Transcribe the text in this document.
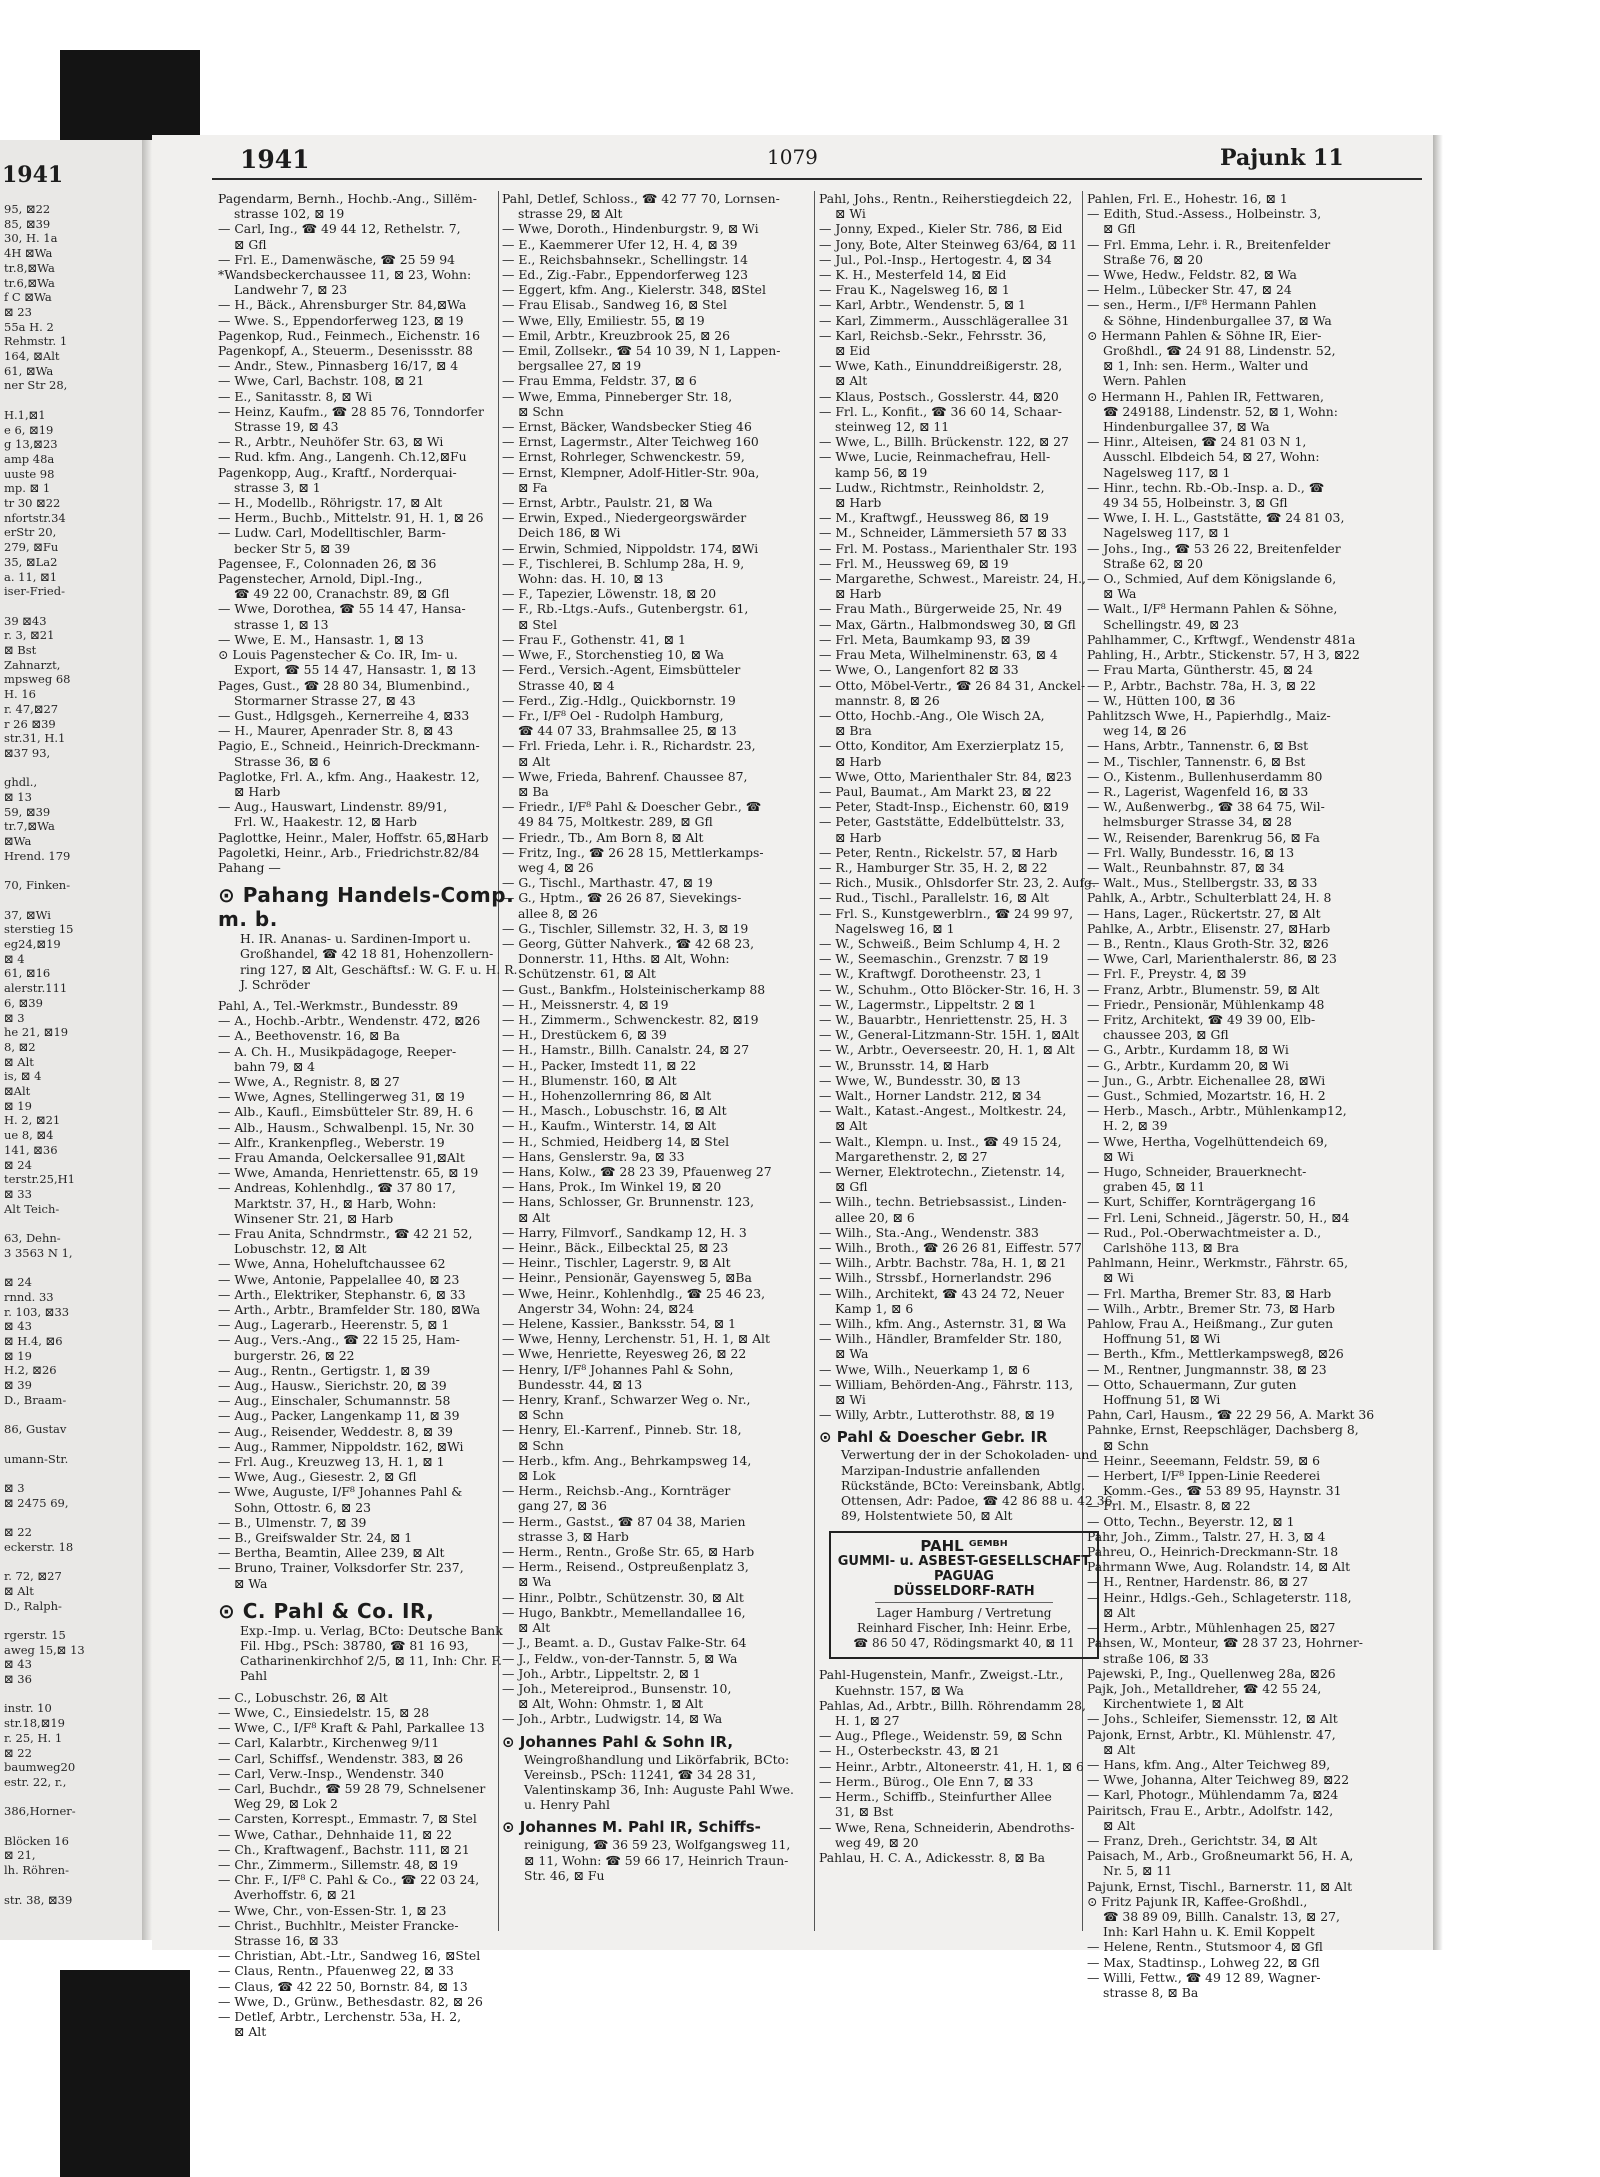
1941
95, ⊠22
85, ⊠39
30, H. 1a
4H ⊠Wa
tr.8,⊠Wa
tr.6,⊠Wa
f C ⊠Wa
⊠ 23
55a H. 2
Rehmstr. 1
164, ⊠Alt
61, ⊠Wa
ner Str 28,
H.1,⊠1
e 6, ⊠19
g 13,⊠23
amp 48a
uuste 98
mp. ⊠ 1
tr 30 ⊠22
nfortstr.34
erStr 20,
279, ⊠Fu
35, ⊠La2
a. 11, ⊠1
iser-Fried-
39 ⊠43
r. 3, ⊠21
⊠ Bst
Zahnarzt,
mpsweg 68
H. 16
r. 47,⊠27
r 26 ⊠39
str.31, H.1
⊠37 93,
ghdl.,
⊠ 13
59, ⊠39
tr.7,⊠Wa
⊠Wa
Hrend. 179
70, Finken-
37, ⊠Wi
sterstieg 15
eg24,⊠19
⊠ 4
61, ⊠16
alerstr.111
6, ⊠39
⊠ 3
he 21, ⊠19
8, ⊠2
⊠ Alt
is, ⊠ 4
⊠Alt
⊠ 19
H. 2, ⊠21
ue 8, ⊠4
141, ⊠36
⊠ 24
terstr.25,H1
⊠ 33
Alt Teich-
63, Dehn-
3 3563 N 1,
⊠ 24
rnnd. 33
r. 103, ⊠33
⊠ 43
⊠ H.4, ⊠6
⊠ 19
H.2, ⊠26
⊠ 39
D., Braam-
86, Gustav
umann-Str.
⊠ 3
⊠ 2475 69,
⊠ 22
eckerstr. 18
r. 72, ⊠27
⊠ Alt
D., Ralph-
rgerstr. 15
aweg 15,⊠ 13
⊠ 43
⊠ 36
instr. 10
str.18,⊠19
r. 25, H. 1
⊠ 22
baumweg20
estr. 22, r.,
386,Horner-
Blöcken 16
⊠ 21,
lh. Röhren-
str. 38, ⊠39
1941	1079	Pajunk 11
Pagendarm, Bernh., Hochb.-Ang., Sillëm-
strasse 102, ⊠ 19
— Carl, Ing., ☎ 49 44 12, Rethelstr. 7,
⊠ Gfl
— Frl. E., Damenwäsche, ☎ 25 59 94
*Wandsbeckerchaussee 11, ⊠ 23, Wohn:
Landwehr 7, ⊠ 23
— H., Bäck., Ahrensburger Str. 84,⊠Wa
— Wwe. S., Eppendorferweg 123, ⊠ 19
Pagenkop, Rud., Feinmech., Eichenstr. 16
Pagenkopf, A., Steuerm., Desenissstr. 88
— Andr., Stew., Pinnasberg 16/17, ⊠ 4
— Wwe, Carl, Bachstr. 108, ⊠ 21
— E., Sanitasstr. 8, ⊠ Wi
— Heinz, Kaufm., ☎ 28 85 76, Tonndorfer
Strasse 19, ⊠ 43
— R., Arbtr., Neuhöfer Str. 63, ⊠ Wi
— Rud. kfm. Ang., Langenh. Ch.12,⊠Fu
Pagenkopp, Aug., Kraftf., Norderquai-
strasse 3, ⊠ 1
— H., Modellb., Röhrigstr. 17, ⊠ Alt
— Herm., Buchb., Mittelstr. 91, H. 1, ⊠ 26
— Ludw. Carl, Modelltischler, Barm-
becker Str 5, ⊠ 39
Pagensee, F., Colonnaden 26, ⊠ 36
Pagenstecher, Arnold, Dipl.-Ing.,
☎ 49 22 00, Cranachstr. 89, ⊠ Gfl
— Wwe, Dorothea, ☎ 55 14 47, Hansa-
strasse 1, ⊠ 13
— Wwe, E. M., Hansastr. 1, ⊠ 13
⊙ Louis Pagenstecher & Co. IR, Im- u.
Export, ☎ 55 14 47, Hansastr. 1, ⊠ 13
Pages, Gust., ☎ 28 80 34, Blumenbind.,
Stormarner Strasse 27, ⊠ 43
— Gust., Hdlgsgeh., Kernerreihe 4, ⊠33
— H., Maurer, Apenrader Str. 8, ⊠ 43
Pagio, E., Schneid., Heinrich-Dreckmann-
Strasse 36, ⊠ 6
Paglotke, Frl. A., kfm. Ang., Haakestr. 12,
⊠ Harb
— Aug., Hauswart, Lindenstr. 89/91,
Frl. W., Haakestr. 12, ⊠ Harb
Paglottke, Heinr., Maler, Hoffstr. 65,⊠Harb
Pagoletki, Heinr., Arb., Friedrichstr.82/84
Pahang —
⊙ Pahang Handels-Comp. m. b.
H. IR. Ananas- u. Sardinen-Import u. Großhandel, ☎ 42 18 81, Hohenzollern-ring 127, ⊠ Alt, Geschäftsf.: W. G. F. u. H. R. J. Schröder
Pahl, A., Tel.-Werkmstr., Bundesstr. 89
— A., Hochb.-Arbtr., Wendenstr. 472, ⊠26
— A., Beethovenstr. 16, ⊠ Ba
— A. Ch. H., Musikpädagoge, Reeper-
bahn 79, ⊠ 4
— Wwe, A., Regnistr. 8, ⊠ 27
— Wwe, Agnes, Stellingerweg 31, ⊠ 19
— Alb., Kaufl., Eimsbütteler Str. 89, H. 6
— Alb., Hausm., Schwalbenpl. 15, Nr. 30
— Alfr., Krankenpfleg., Weberstr. 19
— Frau Amanda, Oelckersallee 91,⊠Alt
— Wwe, Amanda, Henriettenstr. 65, ⊠ 19
— Andreas, Kohlenhdlg., ☎ 37 80 17,
Marktstr. 37, H., ⊠ Harb, Wohn:
Winsener Str. 21, ⊠ Harb
— Frau Anita, Schndrmstr., ☎ 42 21 52,
Lobuschstr. 12, ⊠ Alt
— Wwe, Anna, Hoheluftchaussee 62
— Wwe, Antonie, Pappelallee 40, ⊠ 23
— Arth., Elektriker, Stephanstr. 6, ⊠ 33
— Arth., Arbtr., Bramfelder Str. 180, ⊠Wa
— Aug., Lagerarb., Heerenstr. 5, ⊠ 1
— Aug., Vers.-Ang., ☎ 22 15 25, Ham-
burgerstr. 26, ⊠ 22
— Aug., Rentn., Gertigstr. 1, ⊠ 39
— Aug., Hausw., Sierichstr. 20, ⊠ 39
— Aug., Einschaler, Schumannstr. 58
— Aug., Packer, Langenkamp 11, ⊠ 39
— Aug., Reisender, Weddestr. 8, ⊠ 39
— Aug., Rammer, Nippoldstr. 162, ⊠Wi
— Frl. Aug., Kreuzweg 13, H. 1, ⊠ 1
— Wwe, Aug., Giesestr. 2, ⊠ Gfl
— Wwe, Auguste, I/F⁸ Johannes Pahl &
Sohn, Ottostr. 6, ⊠ 23
— B., Ulmenstr. 7, ⊠ 39
— B., Greifswalder Str. 24, ⊠ 1
— Bertha, Beamtin, Allee 239, ⊠ Alt
— Bruno, Trainer, Volksdorfer Str. 237,
⊠ Wa
⊙ C. Pahl & Co. IR,
Exp.-Imp. u. Verlag, BCto: Deutsche Bank Fil. Hbg., PSch: 38780, ☎ 81 16 93, Catharinenkirchhof 2/5, ⊠ 11, Inh: Chr. F. Pahl
— C., Lobuschstr. 26, ⊠ Alt
— Wwe, C., Einsiedelstr. 15, ⊠ 28
— Wwe, C., I/F⁸ Kraft & Pahl, Parkallee 13
— Carl, Kalarbtr., Kirchenweg 9/11
— Carl, Schiffsf., Wendenstr. 383, ⊠ 26
— Carl, Verw.-Insp., Wendenstr. 340
— Carl, Buchdr., ☎ 59 28 79, Schnelsener
Weg 29, ⊠ Lok 2
— Carsten, Korrespt., Emmastr. 7, ⊠ Stel
— Wwe, Cathar., Dehnhaide 11, ⊠ 22
— Ch., Kraftwagenf., Bachstr. 111, ⊠ 21
— Chr., Zimmerm., Sillemstr. 48, ⊠ 19
— Chr. F., I/F⁸ C. Pahl & Co., ☎ 22 03 24,
Averhoffstr. 6, ⊠ 21
— Wwe, Chr., von-Essen-Str. 1, ⊠ 23
— Christ., Buchhltr., Meister Francke-
Strasse 16, ⊠ 33
— Christian, Abt.-Ltr., Sandweg 16, ⊠Stel
— Claus, Rentn., Pfauenweg 22, ⊠ 33
— Claus, ☎ 42 22 50, Bornstr. 84, ⊠ 13
— Wwe, D., Grünw., Bethesdastr. 82, ⊠ 26
— Detlef, Arbtr., Lerchenstr. 53a, H. 2,
⊠ Alt
Pahl, Detlef, Schloss., ☎ 42 77 70, Lornsen-
strasse 29, ⊠ Alt
— Wwe, Doroth., Hindenburgstr. 9, ⊠ Wi
— E., Kaemmerer Ufer 12, H. 4, ⊠ 39
— E., Reichsbahnsekr., Schellingstr. 14
— Ed., Zig.-Fabr., Eppendorferweg 123
— Eggert, kfm. Ang., Kielerstr. 348, ⊠Stel
— Frau Elisab., Sandweg 16, ⊠ Stel
— Wwe, Elly, Emiliestr. 55, ⊠ 19
— Emil, Arbtr., Kreuzbrook 25, ⊠ 26
— Emil, Zollsekr., ☎ 54 10 39, N 1, Lappen-
bergsallee 27, ⊠ 19
— Frau Emma, Feldstr. 37, ⊠ 6
— Wwe, Emma, Pinneberger Str. 18,
⊠ Schn
— Ernst, Bäcker, Wandsbecker Stieg 46
— Ernst, Lagermstr., Alter Teichweg 160
— Ernst, Rohrleger, Schwenckestr. 59,
— Ernst, Klempner, Adolf-Hitler-Str. 90a,
⊠ Fa
— Ernst, Arbtr., Paulstr. 21, ⊠ Wa
— Erwin, Exped., Niedergeorgswärder
Deich 186, ⊠ Wi
— Erwin, Schmied, Nippoldstr. 174, ⊠Wi
— F., Tischlerei, B. Schlump 28a, H. 9,
Wohn: das. H. 10, ⊠ 13
— F., Tapezier, Löwenstr. 18, ⊠ 20
— F., Rb.-Ltgs.-Aufs., Gutenbergstr. 61,
⊠ Stel
— Frau F., Gothenstr. 41, ⊠ 1
— Wwe, F., Storchenstieg 10, ⊠ Wa
— Ferd., Versich.-Agent, Eimsbütteler
Strasse 40, ⊠ 4
— Ferd., Zig.-Hdlg., Quickbornstr. 19
— Fr., I/F⁸ Oel - Rudolph Hamburg,
☎ 44 07 33, Brahmsallee 25, ⊠ 13
— Frl. Frieda, Lehr. i. R., Richardstr. 23,
⊠ Alt
— Wwe, Frieda, Bahrenf. Chaussee 87,
⊠ Ba
— Friedr., I/F⁸ Pahl & Doescher Gebr., ☎
49 84 75, Moltkestr. 289, ⊠ Gfl
— Friedr., Tb., Am Born 8, ⊠ Alt
— Fritz, Ing., ☎ 26 28 15, Mettlerkamps-
weg 4, ⊠ 26
— G., Tischl., Marthastr. 47, ⊠ 19
— G., Hptm., ☎ 26 26 87, Sievekings-
allee 8, ⊠ 26
— G., Tischler, Sillemstr. 32, H. 3, ⊠ 19
— Georg, Gütter Nahverk., ☎ 42 68 23,
Donnerstr. 11, Hths. ⊠ Alt, Wohn:
Schützenstr. 61, ⊠ Alt
— Gust., Bankfm., Holsteinischerkamp 88
— H., Meissnerstr. 4, ⊠ 19
— H., Zimmerm., Schwenckestr. 82, ⊠19
— H., Drestückem 6, ⊠ 39
— H., Hamstr., Billh. Canalstr. 24, ⊠ 27
— H., Packer, Imstedt 11, ⊠ 22
— H., Blumenstr. 160, ⊠ Alt
— H., Hohenzollernring 86, ⊠ Alt
— H., Masch., Lobuschstr. 16, ⊠ Alt
— H., Kaufm., Winterstr. 14, ⊠ Alt
— H., Schmied, Heidberg 14, ⊠ Stel
— Hans, Genslerstr. 9a, ⊠ 33
— Hans, Kolw., ☎ 28 23 39, Pfauenweg 27
— Hans, Prok., Im Winkel 19, ⊠ 20
— Hans, Schlosser, Gr. Brunnenstr. 123,
⊠ Alt
— Harry, Filmvorf., Sandkamp 12, H. 3
— Heinr., Bäck., Eilbecktal 25, ⊠ 23
— Heinr., Tischler, Lagerstr. 9, ⊠ Alt
— Heinr., Pensionär, Gayensweg 5, ⊠Ba
— Wwe, Heinr., Kohlenhdlg., ☎ 25 46 23,
Angerstr 34, Wohn: 24, ⊠24
— Helene, Kassier., Banksstr. 54, ⊠ 1
— Wwe, Henny, Lerchenstr. 51, H. 1, ⊠ Alt
— Wwe, Henriette, Reyesweg 26, ⊠ 22
— Henry, I/F⁸ Johannes Pahl & Sohn,
Bundesstr. 44, ⊠ 13
— Henry, Kranf., Schwarzer Weg o. Nr.,
⊠ Schn
— Henry, El.-Karrenf., Pinneb. Str. 18,
⊠ Schn
— Herb., kfm. Ang., Behrkampsweg 14,
⊠ Lok
— Herm., Reichsb.-Ang., Kornträger
gang 27, ⊠ 36
— Herm., Gastst., ☎ 87 04 38, Marien
strasse 3, ⊠ Harb
— Herm., Rentn., Große Str. 65, ⊠ Harb
— Herm., Reisend., Ostpreußenplatz 3,
⊠ Wa
— Hinr., Polbtr., Schützenstr. 30, ⊠ Alt
— Hugo, Bankbtr., Memellandallee 16,
⊠ Alt
— J., Beamt. a. D., Gustav Falke-Str. 64
— J., Feldw., von-der-Tannstr. 5, ⊠ Wa
— Joh., Arbtr., Lippeltstr. 2, ⊠ 1
— Joh., Metereiprod., Bunsenstr. 10,
⊠ Alt, Wohn: Ohmstr. 1, ⊠ Alt
— Joh., Arbtr., Ludwigstr. 14, ⊠ Wa
⊙ Johannes Pahl & Sohn IR,
Weingroßhandlung und Likörfabrik, BCto: Vereinsb., PSch: 11241, ☎ 34 28 31, Valentinskamp 36, Inh: Auguste Pahl Wwe. u. Henry Pahl
⊙ Johannes M. Pahl IR, Schiffs-
reinigung, ☎ 36 59 23, Wolfgangsweg 11, ⊠ 11, Wohn: ☎ 59 66 17, Heinrich Traun-Str. 46, ⊠ Fu
Pahl, Johs., Rentn., Reiherstiegdeich 22,
⊠ Wi
— Jonny, Exped., Kieler Str. 786, ⊠ Eid
— Jony, Bote, Alter Steinweg 63/64, ⊠ 11
— Jul., Pol.-Insp., Hertogestr. 4, ⊠ 34
— K. H., Mesterfeld 14, ⊠ Eid
— Frau K., Nagelsweg 16, ⊠ 1
— Karl, Arbtr., Wendenstr. 5, ⊠ 1
— Karl, Zimmerm., Ausschlägerallee 31
— Karl, Reichsb.-Sekr., Fehrsstr. 36,
⊠ Eid
— Wwe, Kath., Einunddreißigerstr. 28,
⊠ Alt
— Klaus, Postsch., Gosslerstr. 44, ⊠20
— Frl. L., Konfit., ☎ 36 60 14, Schaar-
steinweg 12, ⊠ 11
— Wwe, L., Billh. Brückenstr. 122, ⊠ 27
— Wwe, Lucie, Reinmachefrau, Hell-
kamp 56, ⊠ 19
— Ludw., Richtmstr., Reinholdstr. 2,
⊠ Harb
— M., Kraftwgf., Heussweg 86, ⊠ 19
— M., Schneider, Lämmersieth 57 ⊠ 33
— Frl. M. Postass., Marienthaler Str. 193
— Frl. M., Heussweg 69, ⊠ 19
— Margarethe, Schwest., Mareistr. 24, H.,
⊠ Harb
— Frau Math., Bürgerweide 25, Nr. 49
— Max, Gärtn., Halbmondsweg 30, ⊠ Gfl
— Frl. Meta, Baumkamp 93, ⊠ 39
— Frau Meta, Wilhelminenstr. 63, ⊠ 4
— Wwe, O., Langenfort 82 ⊠ 33
— Otto, Möbel-Vertr., ☎ 26 84 31, Anckel-
mannstr. 8, ⊠ 26
— Otto, Hochb.-Ang., Ole Wisch 2A,
⊠ Bra
— Otto, Konditor, Am Exerzierplatz 15,
⊠ Harb
— Wwe, Otto, Marienthaler Str. 84, ⊠23
— Paul, Baumat., Am Markt 23, ⊠ 22
— Peter, Stadt-Insp., Eichenstr. 60, ⊠19
— Peter, Gaststätte, Eddelbüttelstr. 33,
⊠ Harb
— Peter, Rentn., Rickelstr. 57, ⊠ Harb
— R., Hamburger Str. 35, H. 2, ⊠ 22
— Rich., Musik., Ohlsdorfer Str. 23, 2. Aufg.
— Rud., Tischl., Parallelstr. 16, ⊠ Alt
— Frl. S., Kunstgewerblrn., ☎ 24 99 97,
Nagelsweg 16, ⊠ 1
— W., Schweiß., Beim Schlump 4, H. 2
— W., Seemaschin., Grenzstr. 7 ⊠ 19
— W., Kraftwgf. Dorotheenstr. 23, 1
— W., Schuhm., Otto Blöcker-Str. 16, H. 3
— W., Lagermstr., Lippeltstr. 2 ⊠ 1
— W., Bauarbtr., Henriettenstr. 25, H. 3
— W., General-Litzmann-Str. 15H. 1, ⊠Alt
— W., Arbtr., Oeverseestr. 20, H. 1, ⊠ Alt
— W., Brunsstr. 14, ⊠ Harb
— Wwe, W., Bundesstr. 30, ⊠ 13
— Walt., Horner Landstr. 212, ⊠ 34
— Walt., Katast.-Angest., Moltkestr. 24,
⊠ Alt
— Walt., Klempn. u. Inst., ☎ 49 15 24,
Margarethenstr. 2, ⊠ 27
— Werner, Elektrotechn., Zietenstr. 14,
⊠ Gfl
— Wilh., techn. Betriebsassist., Linden-
allee 20, ⊠ 6
— Wilh., Sta.-Ang., Wendenstr. 383
— Wilh., Broth., ☎ 26 26 81, Eiffestr. 577
— Wilh., Arbtr. Bachstr. 78a, H. 1, ⊠ 21
— Wilh., Strssbf., Hornerlandstr. 296
— Wilh., Architekt, ☎ 43 24 72, Neuer
Kamp 1, ⊠ 6
— Wilh., kfm. Ang., Asternstr. 31, ⊠ Wa
— Wilh., Händler, Bramfelder Str. 180,
⊠ Wa
— Wwe, Wilh., Neuerkamp 1, ⊠ 6
— William, Behörden-Ang., Fährstr. 113,
⊠ Wi
— Willy, Arbtr., Lutterothstr. 88, ⊠ 19
⊙ Pahl & Doescher Gebr. IR
Verwertung der in der Schokoladen- und Marzipan-Industrie anfallenden Rückstände, BCto: Vereinsbank, Abtlg. Ottensen, Adr: Padoe, ☎ 42 86 88 u. 42 36 89, Holstentwiete 50, ⊠ Alt
PAHL ᴳᴱᴹᴮᴴ
GUMMI- u. ASBEST-GESELLSCHAFT
PAGUAG
DÜSSELDORF-RATH
Lager Hamburg / Vertretung
Reinhard Fischer, Inh: Heinr. Erbe,
☎ 86 50 47, Rödingsmarkt 40, ⊠ 11
Pahl-Hugenstein, Manfr., Zweigst.-Ltr.,
Kuehnstr. 157, ⊠ Wa
Pahlas, Ad., Arbtr., Billh. Röhrendamm 28,
H. 1, ⊠ 27
— Aug., Pflege., Weidenstr. 59, ⊠ Schn
— H., Osterbeckstr. 43, ⊠ 21
— Heinr., Arbtr., Altoneerstr. 41, H. 1, ⊠ 6
— Herm., Bürog., Ole Enn 7, ⊠ 33
— Herm., Schiffb., Steinfurther Allee
31, ⊠ Bst
— Wwe, Rena, Schneiderin, Abendroths-
weg 49, ⊠ 20
Pahlau, H. C. A., Adickesstr. 8, ⊠ Ba
Pahlen, Frl. E., Hohestr. 16, ⊠ 1
— Edith, Stud.-Assess., Holbeinstr. 3,
⊠ Gfl
— Frl. Emma, Lehr. i. R., Breitenfelder
Straße 76, ⊠ 20
— Wwe, Hedw., Feldstr. 82, ⊠ Wa
— Helm., Lübecker Str. 47, ⊠ 24
— sen., Herm., I/F⁸ Hermann Pahlen
& Söhne, Hindenburgallee 37, ⊠ Wa
⊙ Hermann Pahlen & Söhne IR, Eier-
Großhdl., ☎ 24 91 88, Lindenstr. 52,
⊠ 1, Inh: sen. Herm., Walter und
Wern. Pahlen
⊙ Hermann H., Pahlen IR, Fettwaren,
☎ 249188, Lindenstr. 52, ⊠ 1, Wohn:
Hindenburgallee 37, ⊠ Wa
— Hinr., Alteisen, ☎ 24 81 03 N 1,
Ausschl. Elbdeich 54, ⊠ 27, Wohn:
Nagelsweg 117, ⊠ 1
— Hinr., techn. Rb.-Ob.-Insp. a. D., ☎
49 34 55, Holbeinstr. 3, ⊠ Gfl
— Wwe, I. H. L., Gaststätte, ☎ 24 81 03,
Nagelsweg 117, ⊠ 1
— Johs., Ing., ☎ 53 26 22, Breitenfelder
Straße 62, ⊠ 20
— O., Schmied, Auf dem Königslande 6,
⊠ Wa
— Walt., I/F⁸ Hermann Pahlen & Söhne,
Schellingstr. 49, ⊠ 23
Pahlhammer, C., Krftwgf., Wendenstr 481a
Pahling, H., Arbtr., Stickenstr. 57, H 3, ⊠22
— Frau Marta, Güntherstr. 45, ⊠ 24
— P., Arbtr., Bachstr. 78a, H. 3, ⊠ 22
— W., Hütten 100, ⊠ 36
Pahlitzsch Wwe, H., Papierhdlg., Maiz-
weg 14, ⊠ 26
— Hans, Arbtr., Tannenstr. 6, ⊠ Bst
— M., Tischler, Tannenstr. 6, ⊠ Bst
— O., Kistenm., Bullenhuserdamm 80
— R., Lagerist, Wagenfeld 16, ⊠ 33
— W., Außenwerbg., ☎ 38 64 75, Wil-
helmsburger Strasse 34, ⊠ 28
— W., Reisender, Barenkrug 56, ⊠ Fa
— Frl. Wally, Bundesstr. 16, ⊠ 13
— Walt., Reunbahnstr. 87, ⊠ 34
— Walt., Mus., Stellbergstr. 33, ⊠ 33
Pahlk, A., Arbtr., Schulterblatt 24, H. 8
— Hans, Lager., Rückertstr. 27, ⊠ Alt
Pahlke, A., Arbtr., Elisenstr. 27, ⊠Harb
— B., Rentn., Klaus Groth-Str. 32, ⊠26
— Wwe, Carl, Marienthalerstr. 86, ⊠ 23
— Frl. F., Preystr. 4, ⊠ 39
— Franz, Arbtr., Blumenstr. 59, ⊠ Alt
— Friedr., Pensionär, Mühlenkamp 48
— Fritz, Architekt, ☎ 49 39 00, Elb-
chaussee 203, ⊠ Gfl
— G., Arbtr., Kurdamm 18, ⊠ Wi
— G., Arbtr., Kurdamm 20, ⊠ Wi
— Jun., G., Arbtr. Eichenallee 28, ⊠Wi
— Gust., Schmied, Mozartstr. 16, H. 2
— Herb., Masch., Arbtr., Mühlenkamp12,
H. 2, ⊠ 39
— Wwe, Hertha, Vogelhüttendeich 69,
⊠ Wi
— Hugo, Schneider, Brauerknecht-
graben 45, ⊠ 11
— Kurt, Schiffer, Kornträgergang 16
— Frl. Leni, Schneid., Jägerstr. 50, H., ⊠4
— Rud., Pol.-Oberwachtmeister a. D.,
Carlshöhe 113, ⊠ Bra
Pahlmann, Heinr., Werkmstr., Fährstr. 65,
⊠ Wi
— Frl. Martha, Bremer Str. 83, ⊠ Harb
— Wilh., Arbtr., Bremer Str. 73, ⊠ Harb
Pahlow, Frau A., Heißmang., Zur guten
Hoffnung 51, ⊠ Wi
— Berth., Kfm., Mettlerkampsweg8, ⊠26
— M., Rentner, Jungmannstr. 38, ⊠ 23
— Otto, Schauermann, Zur guten
Hoffnung 51, ⊠ Wi
Pahn, Carl, Hausm., ☎ 22 29 56, A. Markt 36
Pahnke, Ernst, Reepschläger, Dachsberg 8,
⊠ Schn
— Heinr., Seeemann, Feldstr. 59, ⊠ 6
— Herbert, I/F⁸ Ippen-Linie Reederei
Komm.-Ges., ☎ 53 89 95, Haynstr. 31
— Frl. M., Elsastr. 8, ⊠ 22
— Otto, Techn., Beyerstr. 12, ⊠ 1
Pahr, Joh., Zimm., Talstr. 27, H. 3, ⊠ 4
Pahreu, O., Heinrich-Dreckmann-Str. 18
Pahrmann Wwe, Aug. Rolandstr. 14, ⊠ Alt
— H., Rentner, Hardenstr. 86, ⊠ 27
— Heinr., Hdlgs.-Geh., Schlageterstr. 118,
⊠ Alt
— Herm., Arbtr., Mühlenhagen 25, ⊠27
Pahsen, W., Monteur, ☎ 28 37 23, Hohrner-
straße 106, ⊠ 33
Pajewski, P., Ing., Quellenweg 28a, ⊠26
Pajk, Joh., Metalldreher, ☎ 42 55 24,
Kirchentwiete 1, ⊠ Alt
— Johs., Schleifer, Siemensstr. 12, ⊠ Alt
Pajonk, Ernst, Arbtr., Kl. Mühlenstr. 47,
⊠ Alt
— Hans, kfm. Ang., Alter Teichweg 89,
— Wwe, Johanna, Alter Teichweg 89, ⊠22
— Karl, Photogr., Mühlendamm 7a, ⊠24
Pairitsch, Frau E., Arbtr., Adolfstr. 142,
⊠ Alt
— Franz, Dreh., Gerichtstr. 34, ⊠ Alt
Paisach, M., Arb., Großneumarkt 56, H. A,
Nr. 5, ⊠ 11
Pajunk, Ernst, Tischl., Barnerstr. 11, ⊠ Alt
⊙ Fritz Pajunk IR, Kaffee-Großhdl.,
☎ 38 89 09, Billh. Canalstr. 13, ⊠ 27,
Inh: Karl Hahn u. K. Emil Koppelt
— Helene, Rentn., Stutsmoor 4, ⊠ Gfl
— Max, Stadtinsp., Lohweg 22, ⊠ Gfl
— Willi, Fettw., ☎ 49 12 89, Wagner-
strasse 8, ⊠ Ba
